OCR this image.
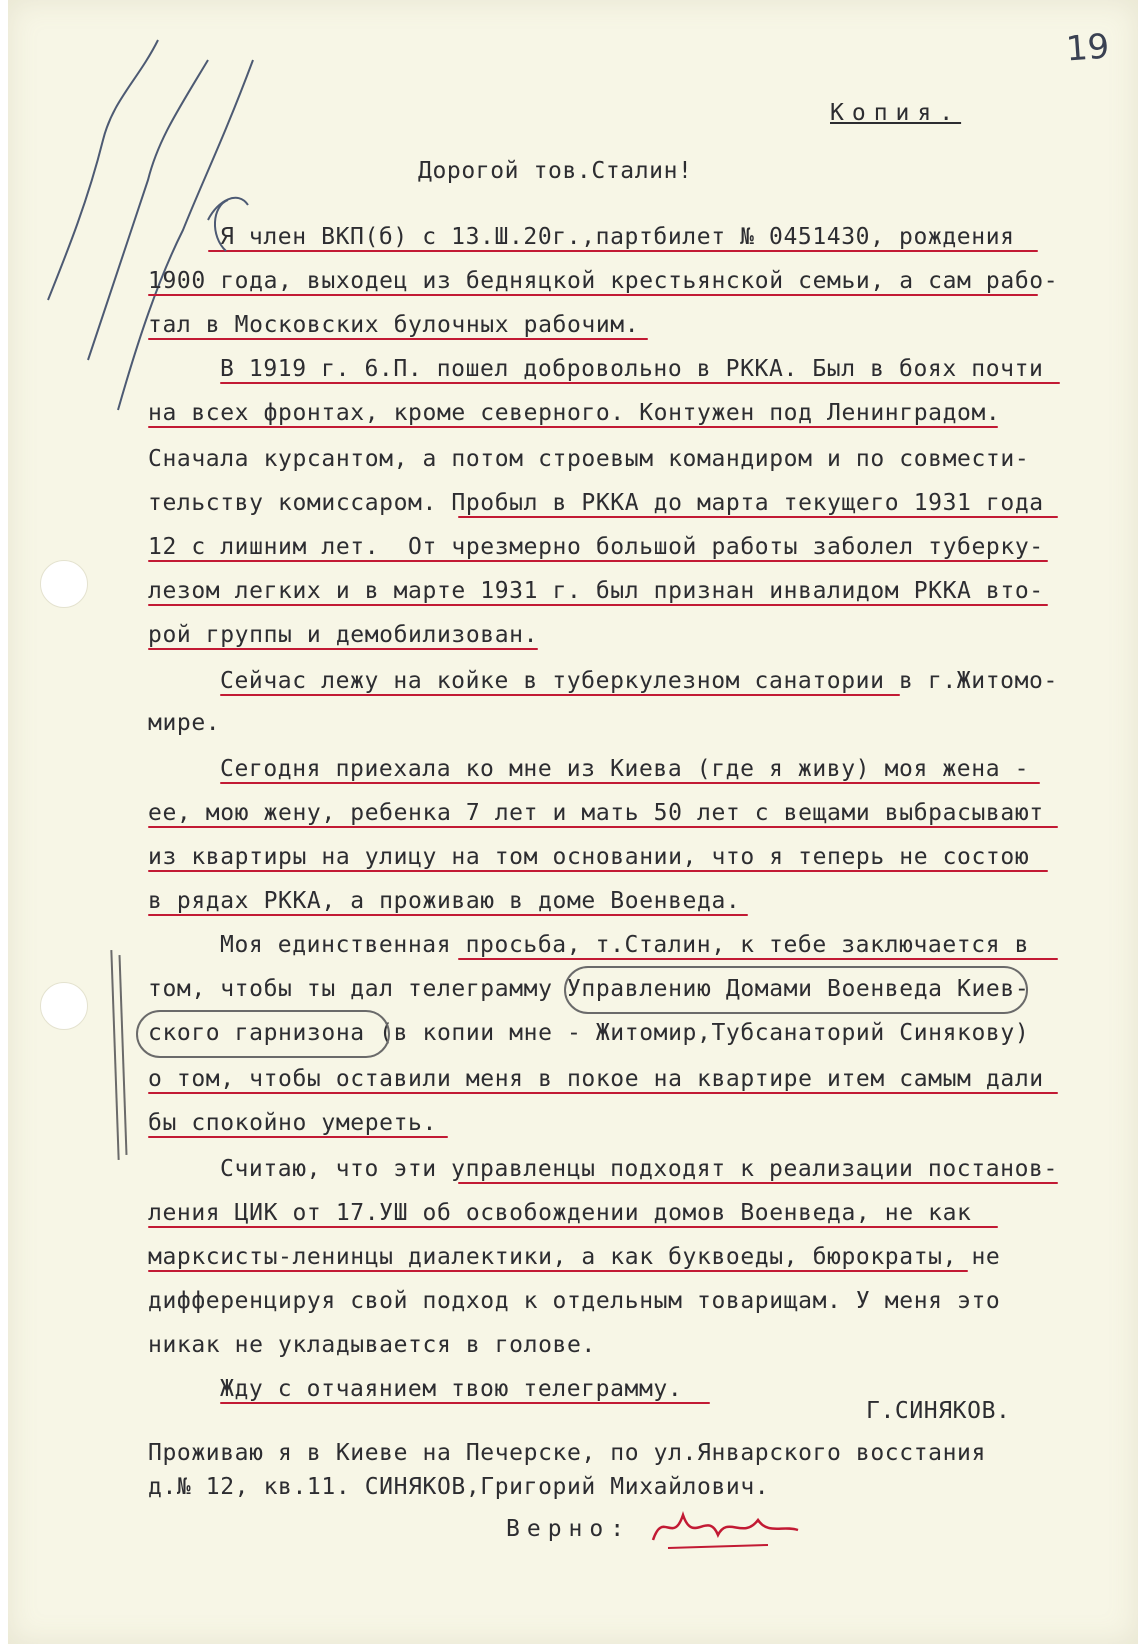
19
Копия.
Дорогой тов.Сталин!
Я член ВКП(б) с 13.Ш.20г.,партбилет № 0451430, рождения
1900 года, выходец из бедняцкой крестьянской семьи, а сам рабо-
тал в Московских булочных рабочим.
В 1919 г. 6.П. пошел добровольно в РККА. Был в боях почти
на всех фронтах, кроме северного. Контужен под Ленинградом.
Сначала курсантом, а потом строевым командиром и по совмести-
тельству комиссаром. Пробыл в РККА до марта текущего 1931 года
12 с лишним лет.  От чрезмерно большой работы заболел туберку-
лезом легких и в марте 1931 г. был признан инвалидом РККА вто-
рой группы и демобилизован.
Сейчас лежу на койке в туберкулезном санатории в г.Житомо-
мире.
Сегодня приехала ко мне из Киева (где я живу) моя жена -
ее, мою жену, ребенка 7 лет и мать 50 лет с вещами выбрасывают
из квартиры на улицу на том основании, что я теперь не состою
в рядах РККА, а проживаю в доме Военведа.
Моя единственная просьба, т.Сталин, к тебе заключается в
том, чтобы ты дал телеграмму Управлению Домами Военведа Киев-
ского гарнизона (в копии мне - Житомир,Тубсанаторий Синякову)
о том, чтобы оставили меня в покое на квартире итем самым дали
бы спокойно умереть.
Считаю, что эти управленцы подходят к реализации постанов-
ления ЦИК от 17.УШ об освобождении домов Военведа, не как
марксисты-ленинцы диалектики, а как буквоеды, бюрократы, не
дифференцируя свой подход к отдельным товарищам. У меня это
никак не укладывается в голове.
Жду с отчаянием твою телеграмму.
Г.СИНЯКОВ.
Проживаю я в Киеве на Печерске, по ул.Январского восстания
д.№ 12, кв.11. СИНЯКОВ,Григорий Михайлович.
Верно:
